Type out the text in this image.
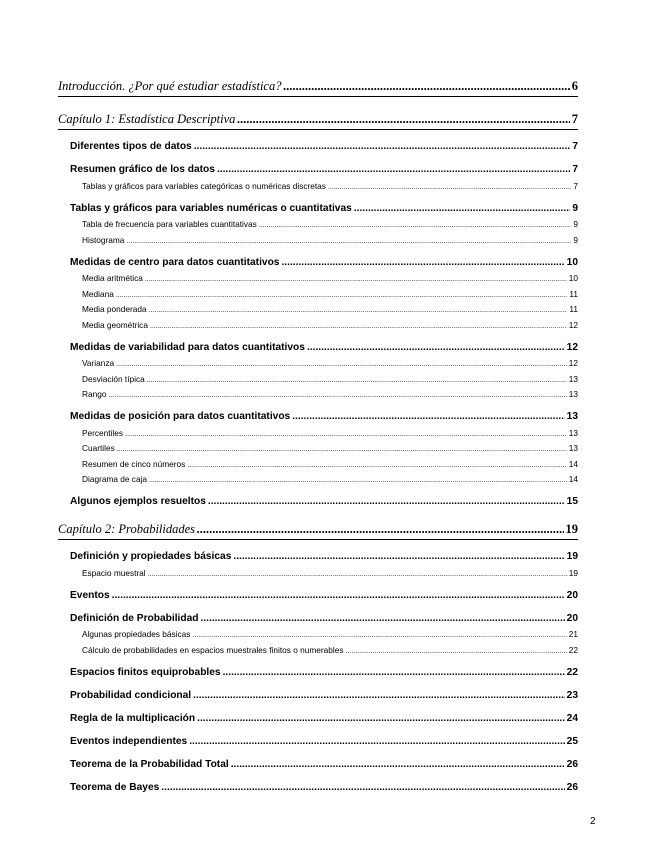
Introducción. ¿Por qué estudiar estadística? .....	6
Capítulo 1: Estadística Descriptiva .....	7
Diferentes tipos de datos .....	7
Resumen gráfico de los datos .....	7
Tablas y gráficos para variables categóricas o numéricas discretas .....	7
Tablas y gráficos para variables numéricas o cuantitativas .....	9
Tabla de frecuencia para variables cuantitativas .....	9
Histograma .....	9
Medidas de centro para datos cuantitativos .....	10
Media aritmética .....	10
Mediana .....	11
Media ponderada .....	11
Media geométrica .....	12
Medidas de variabilidad para datos cuantitativos .....	12
Varianza .....	12
Desviación típica .....	13
Rango .....	13
Medidas de posición para datos cuantitativos .....	13
Percentiles .....	13
Cuartiles .....	13
Resumen de cinco números .....	14
Diagrama de caja .....	14
Algunos ejemplos resueltos .....	15
Capítulo 2: Probabilidades .....	19
Definición y propiedades básicas .....	19
Espacio muestral .....	19
Eventos .....	20
Definición de Probabilidad .....	20
Algunas propiedades básicas .....	21
Cálculo de probabilidades en espacios muestrales finitos o numerables .....	22
Espacios finitos equiprobables .....	22
Probabilidad condicional .....	23
Regla de la multiplicación .....	24
Eventos independientes .....	25
Teorema de la Probabilidad Total .....	26
Teorema de Bayes .....	26
2
